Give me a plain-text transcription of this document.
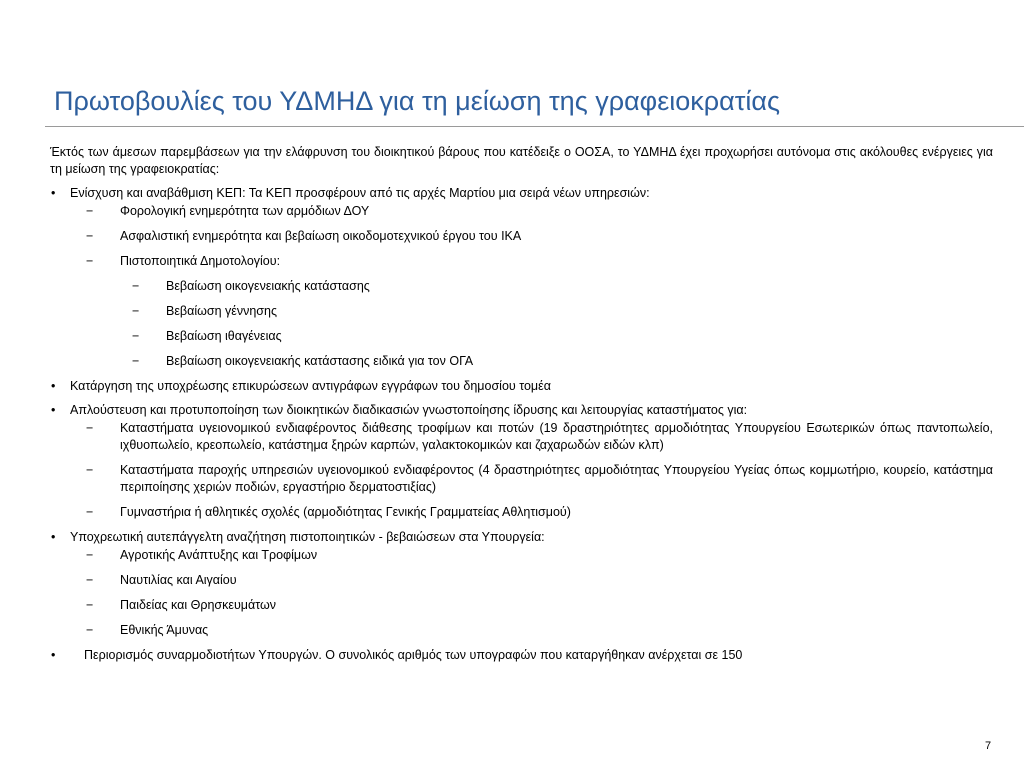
Πρωτοβουλίες του ΥΔΜΗΔ για τη μείωση της γραφειοκρατίας

Έκτός των άμεσων παρεμβάσεων για την ελάφρυνση του διοικητικού βάρους που κατέδειξε ο ΟΟΣΑ, το ΥΔΜΗΔ έχει προχωρήσει αυτόνομα στις ακόλουθες ενέργειες για τη μείωση της γραφειοκρατίας:

• Ενίσχυση και αναβάθμιση ΚΕΠ: Τα ΚΕΠ προσφέρουν από τις αρχές Μαρτίου μια σειρά νέων υπηρεσιών:
− Φορολογική ενημερότητα των αρμόδιων ΔΟΥ
− Ασφαλιστική ενημερότητα και βεβαίωση οικοδομοτεχνικού έργου του ΙΚΑ
− Πιστοποιητικά Δημοτολογίου:
− Βεβαίωση οικογενειακής κατάστασης
− Βεβαίωση γέννησης
− Βεβαίωση ιθαγένειας
− Βεβαίωση οικογενειακής κατάστασης ειδικά για τον ΟΓΑ
• Κατάργηση της υποχρέωσης επικυρώσεων αντιγράφων εγγράφων του δημοσίου τομέα
• Απλούστευση και προτυποποίηση των διοικητικών διαδικασιών γνωστοποίησης ίδρυσης και λειτουργίας καταστήματος για:
− Καταστήματα υγειονομικού ενδιαφέροντος διάθεσης τροφίμων και ποτών (19 δραστηριότητες αρμοδιότητας Υπουργείου Εσωτερικών όπως παντοπωλείο, ιχθυοπωλείο, κρεοπωλείο, κατάστημα ξηρών καρπών, γαλακτοκομικών και ζαχαρωδών ειδών κλπ)
− Καταστήματα παροχής υπηρεσιών υγειονομικού ενδιαφέροντος (4 δραστηριότητες αρμοδιότητας Υπουργείου Υγείας όπως κομμωτήριο, κουρείο, κατάστημα περιποίησης χεριών ποδιών, εργαστήριο δερματοστιξίας)
− Γυμναστήρια ή αθλητικές σχολές (αρμοδιότητας Γενικής Γραμματείας Αθλητισμού)
• Υποχρεωτική αυτεπάγγελτη αναζήτηση πιστοποιητικών - βεβαιώσεων στα Υπουργεία:
− Αγροτικής Ανάπτυξης και Τροφίμων
− Ναυτιλίας και Αιγαίου
− Παιδείας και Θρησκευμάτων
− Εθνικής Άμυνας
• Περιορισμός συναρμοδιοτήτων Υπουργών. Ο συνολικός αριθμός των υπογραφών που καταργήθηκαν ανέρχεται σε 150
7
